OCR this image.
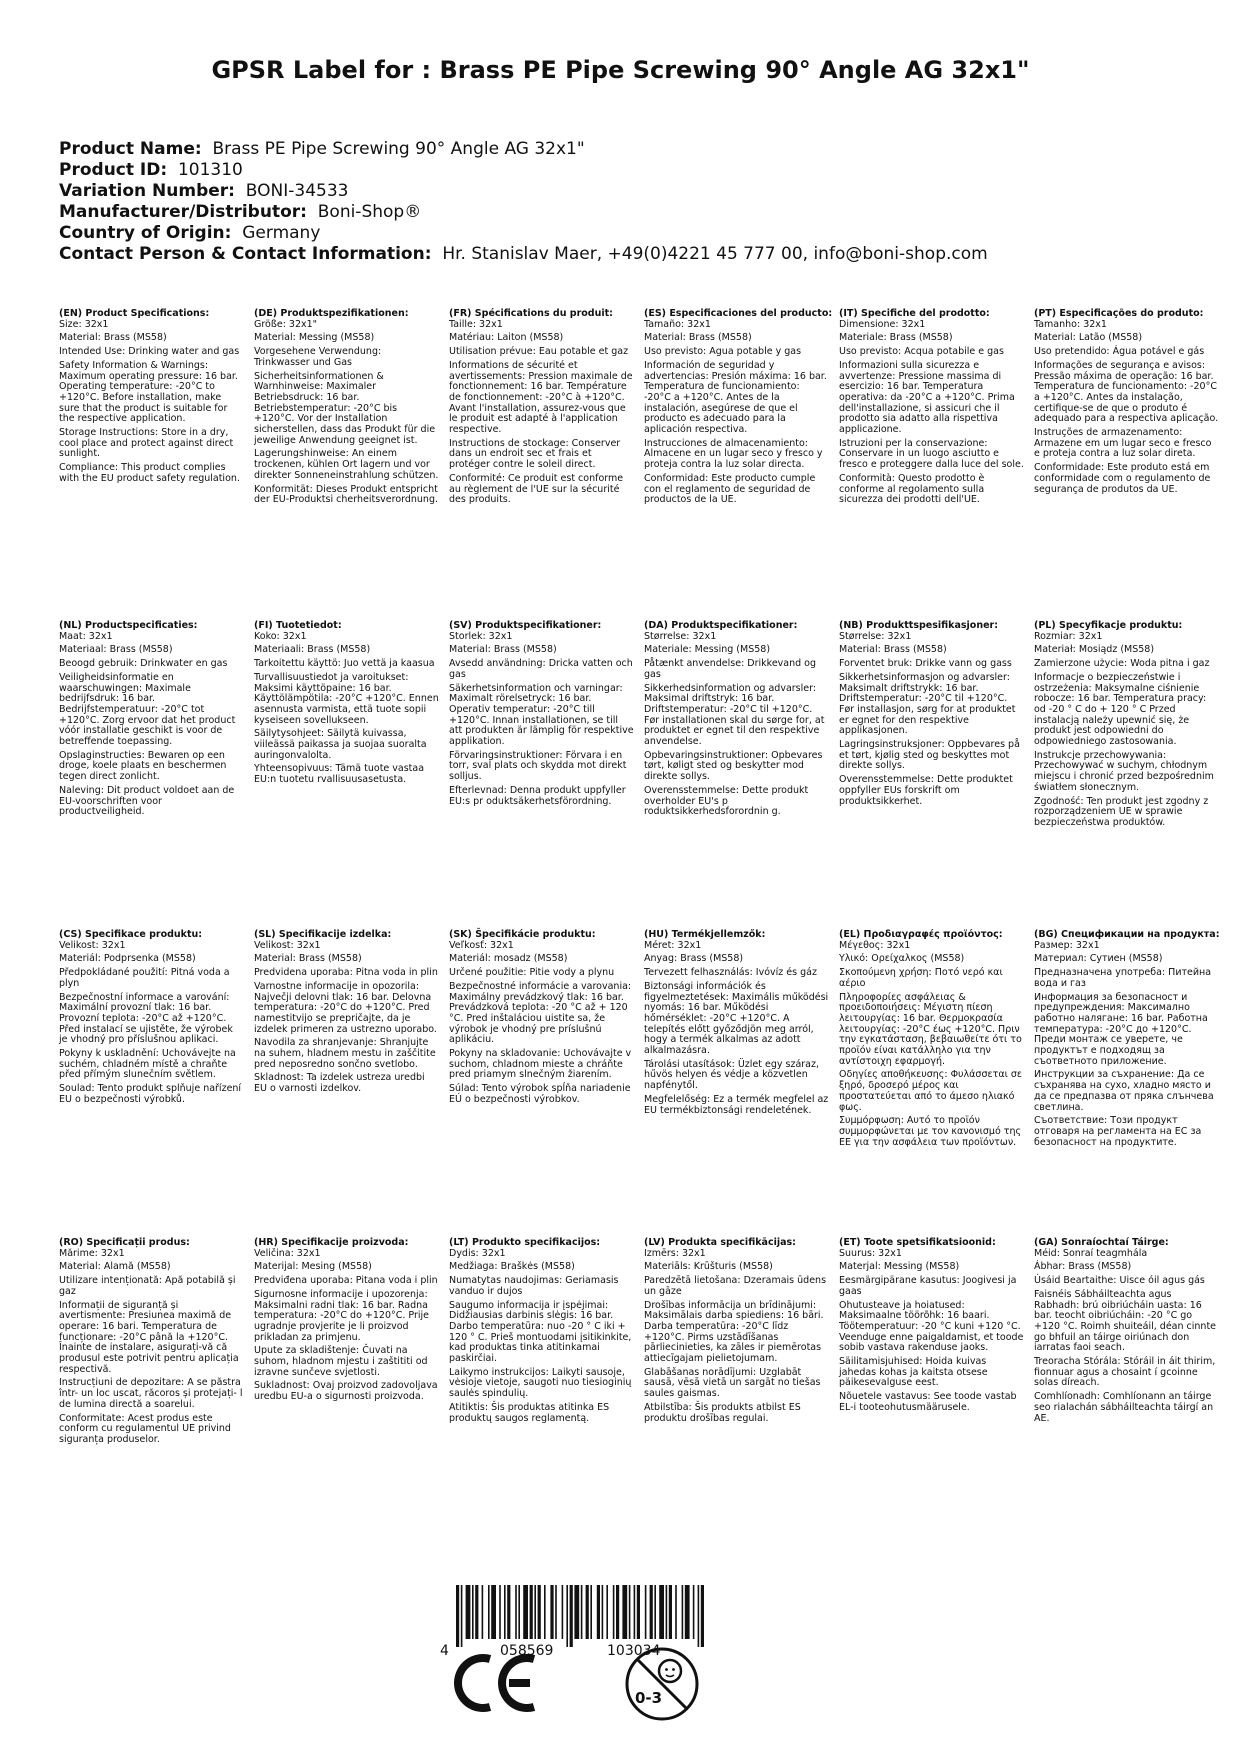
GPSR Label for : Brass PE Pipe Screwing 90° Angle AG 32x1"
Product Name: Brass PE Pipe Screwing 90° Angle AG 32x1"
Product ID: 101310
Variation Number: BONI-34533
Manufacturer/Distributor: Boni-Shop®
Country of Origin: Germany
Contact Person & Contact Information: Hr. Stanislav Maer, +49(0)4221 45 777 00, info@boni-shop.com
(EN) Product Specifications:

Size: 32x1

Material: Brass (MS58)

Intended Use: Drinking water and gas

Safety Information & Warnings: Maximum operating pressure: 16 bar. Operating temperature: -20°C to +120°C. Before installation, make sure that the product is suitable for the respective application.

Storage Instructions: Store in a dry, cool place and protect against direct sunlight.

Compliance: This product complies with the EU product safety regulation.

(DE) Produktspezifikationen:

Größe: 32x1"

Material: Messing (MS58)

Vorgesehene Verwendung: Trinkwasser und Gas

Sicherheitsinformationen & Warnhinweise: Maximaler Betriebsdruck: 16 bar. Betriebstemperatur: -20°C bis +120°C. Vor der Installation sicherstellen, dass das Produkt für die jeweilige Anwendung geeignet ist.

Lagerungshinweise: An einem trockenen, kühlen Ort lagern und vor direkter Sonneneinstrahlung schützen.

Konformität: Dieses Produkt entspricht der EU-Produktsi cherheitsverordnung.

(FR) Spécifications du produit:

Taille: 32x1

Matériau: Laiton (MS58)

Utilisation prévue: Eau potable et gaz

Informations de sécurité et avertissements: Pression maximale de fonctionnement: 16 bar. Température de fonctionnement: -20°C à +120°C. Avant l'installation, assurez-vous que le produit est adapté à l'application respective.

Instructions de stockage: Conserver dans un endroit sec et frais et protéger contre le soleil direct.

Conformité: Ce produit est conforme au règlement de l'UE sur la sécurité des produits.

(ES) Especificaciones del producto:

Tamaño: 32x1

Material: Brass (MS58)

Uso previsto: Agua potable y gas

Información de seguridad y advertencias: Presión máxima: 16 bar. Temperatura de funcionamiento: -20°C a +120°C. Antes de la instalación, asegúrese de que el producto es adecuado para la aplicación respectiva.

Instrucciones de almacenamiento: Almacene en un lugar seco y fresco y proteja contra la luz solar directa.

Conformidad: Este producto cumple con el reglamento de seguridad de productos de la UE.

(IT) Specifiche del prodotto:

Dimensione: 32x1

Materiale: Brass (MS58)

Uso previsto: Acqua potabile e gas

Informazioni sulla sicurezza e avvertenze: Pressione massima di esercizio: 16 bar. Temperatura operativa: da -20°C a +120°C. Prima dell'installazione, si assicuri che il prodotto sia adatto alla rispettiva applicazione.

Istruzioni per la conservazione: Conservare in un luogo asciutto e fresco e proteggere dalla luce del sole.

Conformità: Questo prodotto è conforme al regolamento sulla sicurezza dei prodotti dell'UE.

(PT) Especificações do produto:

Tamanho: 32x1

Material: Latão (MS58)

Uso pretendido: Água potável e gás

Informações de segurança e avisos: Pressão máxima de operação: 16 bar. Temperatura de funcionamento: -20°C a +120°C. Antes da instalação, certifique-se de que o produto é adequado para a respectiva aplicação.

Instruções de armazenamento: Armazene em um lugar seco e fresco e proteja contra a luz solar direta.

Conformidade: Este produto está em conformidade com o regulamento de segurança de produtos da UE.

(NL) Productspecificaties:

Maat: 32x1

Materiaal: Brass (MS58)

Beoogd gebruik: Drinkwater en gas

Veiligheidsinformatie en waarschuwingen: Maximale bedrijfsdruk: 16 bar. Bedrijfstemperatuur: -20°C tot +120°C. Zorg ervoor dat het product vóór installatie geschikt is voor de betreffende toepassing.

Opslaginstructies: Bewaren op een droge, koele plaats en beschermen tegen direct zonlicht.

Naleving: Dit product voldoet aan de EU-voorschriften voor productveiligheid.

(FI) Tuotetiedot:

Koko: 32x1

Materiaali: Brass (MS58)

Tarkoitettu käyttö: Juo vettä ja kaasua

Turvallisuustiedot ja varoitukset: Maksimi käyttöpaine: 16 bar. Käyttölämpötila: -20°C +120°C. Ennen asennusta varmista, että tuote sopii kyseiseen sovellukseen.

Säilytysohjeet: Säilytä kuivassa, viileässä paikassa ja suojaa suoralta auringonvalolta.

Yhteensopivuus: Tämä tuote vastaa EU:n tuotetu rvallisuusasetusta.

(SV) Produktspecifikationer:

Storlek: 32x1

Material: Brass (MS58)

Avsedd användning: Dricka vatten och gas

Säkerhetsinformation och varningar: Maximalt rörelsetryck: 16 bar. Operativ temperatur: -20°C till +120°C. Innan installationen, se till att produkten är lämplig för respektive applikation.

Förvaringsinstruktioner: Förvara i en torr, sval plats och skydda mot direkt solljus.

Efterlevnad: Denna produkt uppfyller EU:s pr oduktsäkerhetsförordning.

(DA) Produktspecifikationer:

Størrelse: 32x1

Materiale: Messing (MS58)

Påtænkt anvendelse: Drikkevand og gas

Sikkerhedsinformation og advarsler: Maksimal driftstryk: 16 bar. Driftstemperatur: -20°C til +120°C. Før installationen skal du sørge for, at produktet er egnet til den respektive anvendelse.

Opbevaringsinstruktioner: Opbevares tørt, køligt sted og beskytter mod direkte sollys.

Overensstemmelse: Dette produkt overholder EU's p roduktsikkerhedsforordnin g.

(NB) Produkttspesifikasjoner:

Størrelse: 32x1

Material: Brass (MS58)

Forventet bruk: Drikke vann og gass

Sikkerhetsinformasjon og advarsler: Maksimalt driftstrykk: 16 bar. Driftstemperatur: -20°C til +120°C. Før installasjon, sørg for at produktet er egnet for den respektive applikasjonen.

Lagringsinstruksjoner: Oppbevares på et tørt, kjølig sted og beskyttes mot direkte sollys.

Overensstemmelse: Dette produktet oppfyller EUs forskrift om produktsikkerhet.

(PL) Specyfikacje produktu:

Rozmiar: 32x1

Materiał: Mosiądz (MS58)

Zamierzone użycie: Woda pitna i gaz

Informacje o bezpieczeństwie i ostrzeżenia: Maksymalne ciśnienie robocze: 16 bar. Temperatura pracy: od -20 ° C do + 120 ° C Przed instalacją należy upewnić się, że produkt jest odpowiedni do odpowiedniego zastosowania.

Instrukcje przechowywania: Przechowywać w suchym, chłodnym miejscu i chronić przed bezpośrednim światłem słonecznym.

Zgodność: Ten produkt jest zgodny z rozporządzeniem UE w sprawie bezpieczeństwa produktów.

(CS) Specifikace produktu:

Velikost: 32x1

Materiál: Podprsenka (MS58)

Předpokládané použití: Pitná voda a plyn

Bezpečnostní informace a varování: Maximální provozní tlak: 16 bar. Provozní teplota: -20°C až +120°C. Před instalací se ujistěte, že výrobek je vhodný pro příslušnou aplikaci.

Pokyny k uskladnění: Uchovávejte na suchém, chladném místě a chraňte před přímým slunečním světlem.

Soulad: Tento produkt splňuje nařízení EU o bezpečnosti výrobků.

(SL) Specifikacije izdelka:

Velikost: 32x1

Material: Brass (MS58)

Predvidena uporaba: Pitna voda in plin

Varnostne informacije in opozorila: Največji delovni tlak: 16 bar. Delovna temperatura: -20°C do +120°C. Pred namestitvijo se prepričajte, da je izdelek primeren za ustrezno uporabo.

Navodila za shranjevanje: Shranjujte na suhem, hladnem mestu in zaščitite pred neposredno sončno svetlobo.

Skladnost: Ta izdelek ustreza uredbi EU o varnosti izdelkov.

(SK) Špecifikácie produktu:

Veľkosť: 32x1

Materiál: mosadz (MS58)

Určené použitie: Pitie vody a plynu

Bezpečnostné informácie a varovania: Maximálny prevádzkový tlak: 16 bar. Prevádzková teplota: -20 °C až + 120 °C. Pred inštaláciou uistite sa, že výrobok je vhodný pre príslušnú aplikáciu.

Pokyny na skladovanie: Uchovávajte v suchom, chladnom mieste a chráňte pred priamym slnečným žiarením.

Súlad: Tento výrobok spĺňa nariadenie EÚ o bezpečnosti výrobkov.

(HU) Termékjellemzők:

Méret: 32x1

Anyag: Brass (MS58)

Tervezett felhasználás: Ivóvíz és gáz

Biztonsági információk és figyelmeztetések: Maximális működési nyomás: 16 bar. Működési hőmérséklet: -20°C +120°C. A telepítés előtt győződjön meg arról, hogy a termék alkalmas az adott alkalmazásra.

Tárolási utasítások: Üzlet egy száraz, hűvös helyen és védje a közvetlen napfénytől.

Megfelelőség: Ez a termék megfelel az EU termékbiztonsági rendeletének.

(EL) Προδιαγραφές προϊόντος:

Μέγεθος: 32x1

Υλικό: Ορείχαλκος (MS58)

Σκοπούμενη χρήση: Ποτό νερό και αέριο

Πληροφορίες ασφάλειας & προειδοποιήσεις: Μέγιστη πίεση λειτουργίας: 16 bar. Θερμοκρασία λειτουργίας: -20°C έως +120°C. Πριν την εγκατάσταση, βεβαιωθείτε ότι το προϊόν είναι κατάλληλο για την αντίστοιχη εφαρμογή.

Οδηγίες αποθήκευσης: Φυλάσσεται σε ξηρό, δροσερό μέρος και προστατεύεται από το άμεσο ηλιακό φως.

Συμμόρφωση: Αυτό το προϊόν συμμορφώνεται με τον κανονισμό της ΕΕ για την ασφάλεια των προϊόντων.

(BG) Спецификации на продукта:

Размер: 32x1

Материал: Сутиен (MS58)

Предназначена употреба: Питейна вода и газ

Информация за безопасност и предупреждения: Максимално работно налягане: 16 bar. Работна температура: -20°C до +120°C. Преди монтаж се уверете, че продуктът е подходящ за съответното приложение.

Инструкции за съхранение: Да се съхранява на сухо, хладно място и да се предпазва от пряка слънчева светлина.

Съответствие: Този продукт отговаря на регламента на ЕС за безопасност на продуктите.

(RO) Specificații produs:

Mărime: 32x1

Material: Alamă (MS58)

Utilizare intenționată: Apă potabilă și gaz

Informații de siguranță și avertismente: Presiunea maximă de operare: 16 bari. Temperatura de funcționare: -20°C până la +120°C. Înainte de instalare, asigurați-vă că produsul este potrivit pentru aplicația respectivă.

Instrucțiuni de depozitare: A se păstra într- un loc uscat, răcoros și protejați- l de lumina directă a soarelui.

Conformitate: Acest produs este conform cu regulamentul UE privind siguranța produselor.

(HR) Specifikacije proizvoda:

Veličina: 32x1

Materijal: Mesing (MS58)

Predviđena uporaba: Pitana voda i plin

Sigurnosne informacije i upozorenja: Maksimalni radni tlak: 16 bar. Radna temperatura: -20°C do +120°C. Prije ugradnje provjerite je li proizvod prikladan za primjenu.

Upute za skladištenje: Čuvati na suhom, hladnom mjestu i zaštititi od izravne sunčeve svjetlosti.

Sukladnost: Ovaj proizvod zadovoljava uredbu EU-a o sigurnosti proizvoda.

(LT) Produkto specifikacijos:

Dydis: 32x1

Medžiaga: Braškės (MS58)

Numatytas naudojimas: Geriamasis vanduo ir dujos

Saugumo informacija ir įspėjimai: Didžiausias darbinis slėgis: 16 bar. Darbo temperatūra: nuo -20 ° C iki + 120 ° C. Prieš montuodami įsitikinkite, kad produktas tinka atitinkamai paskirčiai.

Laikymo instrukcijos: Laikyti sausoje, vėsioje vietoje, saugoti nuo tiesioginių saulės spindulių.

Atitiktis: Šis produktas atitinka ES produktų saugos reglamentą.

(LV) Produkta specifikācijas:

Izmērs: 32x1

Materiāls: Krūšturis (MS58)

Paredzētā lietošana: Dzeramais ūdens un gāze

Drošības informācija un brīdinājumi: Maksimālais darba spiediens: 16 bāri. Darba temperatūra: -20°C līdz +120°C. Pirms uzstādīšanas pārliecinieties, ka zāles ir piemērotas attiecīgajam pielietojumam.

Glabāšanas norādījumi: Uzglabāt sausā, vēsā vietā un sargāt no tiešas saules gaismas.

Atbilstība: Šis produkts atbilst ES produktu drošības regulai.

(ET) Toote spetsifikatsioonid:

Suurus: 32x1

Materjal: Messing (MS58)

Eesmärgipärane kasutus: Joogivesi ja gaas

Ohutusteave ja hoiatused: Maksimaalne töörõhk: 16 baari. Töötemperatuur: -20 °C kuni +120 °C. Veenduge enne paigaldamist, et toode sobib vastava rakenduse jaoks.

Säilitamisjuhised: Hoida kuivas jahedas kohas ja kaitsta otsese päikesevalguse eest.

Nõuetele vastavus: See toode vastab EL-i tooteohutusmäärusele.

(GA) Sonraíochtaí Táirge:

Méid: Sonraí teagmhála

Ábhar: Brass (MS58)

Úsáid Beartaithe: Uisce óil agus gás

Faisnéis Sábháilteachta agus Rabhadh: brú oibriúcháin uasta: 16 bar. teocht oibriúcháin: -20 °C go +120 °C. Roimh shuiteáil, déan cinnte go bhfuil an táirge oiriúnach don iarratas faoi seach.

Treoracha Stórála: Stóráil in áit thirim, fionnuar agus a chosaint í gcoinne solas díreach.

Comhlíonadh: Comhlíonann an táirge seo rialachán sábháilteachta táirgí an AE.

4	058569	103034
0-3
